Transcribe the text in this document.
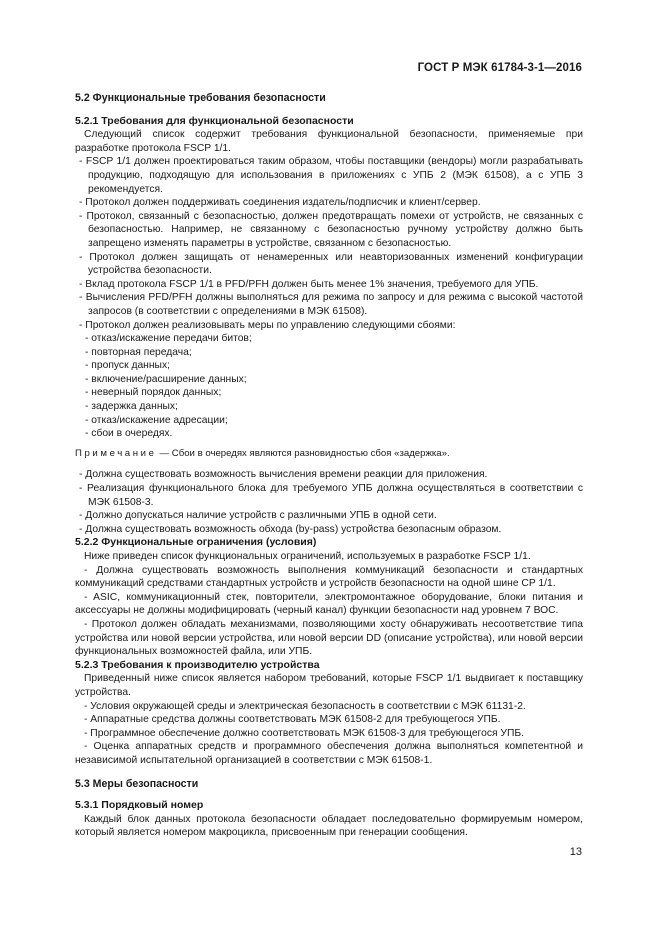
ГОСТ Р МЭК 61784-3-1—2016

5.2 Функциональные требования безопасности

5.2.1 Требования для функциональной безопасности

Следующий список содержит требования функциональной безопасности, применяемые при разработке протокола FSCP 1/1.

- FSCP 1/1 должен проектироваться таким образом, чтобы поставщики (вендоры) могли разрабатывать продукцию, подходящую для использования в приложениях с УПБ 2 (МЭК 61508), а с УПБ 3 рекомендуется.

- Протокол должен поддерживать соединения издатель/подписчик и клиент/сервер.

- Протокол, связанный с безопасностью, должен предотвращать помехи от устройств, не связанных с безопасностью. Например, не связанному с безопасностью ручному устройству должно быть запрещено изменять параметры в устройстве, связанном с безопасностью.

- Протокол должен защищать от ненамеренных или неавторизованных изменений конфигурации устройства безопасности.

- Вклад протокола FSCP 1/1 в PFD/PFH должен быть менее 1% значения, требуемого для УПБ.

- Вычисления PFD/PFH должны выполняться для режима по запросу и для режима с высокой частотой запросов (в соответствии с определениями в МЭК 61508).

- Протокол должен реализовывать меры по управлению следующими сбоями:

- отказ/искажение передачи битов;

- повторная передача;

- пропуск данных;

- включение/расширение данных;

- неверный порядок данных;

- задержка данных;

- отказ/искажение адресации;

- сбои в очередях.

Примечание — Сбои в очередях являются разновидностью сбоя «задержка».

- Должна существовать возможность вычисления времени реакции для приложения.

- Реализация функционального блока для требуемого УПБ должна осуществляться в соответствии с МЭК 61508-3.

- Должно допускаться наличие устройств с различными УПБ в одной сети.

- Должна существовать возможность обхода (by-pass) устройства безопасным образом.

5.2.2 Функциональные ограничения (условия)

Ниже приведен список функциональных ограничений, используемых в разработке FSCP 1/1.

- Должна существовать возможность выполнения коммуникаций безопасности и стандартных коммуникаций средствами стандартных устройств и устройств безопасности на одной шине CP 1/1.

- ASIC, коммуникационный стек, повторители, электромонтажное оборудование, блоки питания и аксессуары не должны модифицировать (черный канал) функции безопасности над уровнем 7 ВОС.

- Протокол должен обладать механизмами, позволяющими хосту обнаруживать несоответствие типа устройства или новой версии устройства, или новой версии DD (описание устройства), или новой версии функциональных возможностей файла, или УПБ.

5.2.3 Требования к производителю устройства

Приведенный ниже список является набором требований, которые FSCP 1/1 выдвигает к поставщику устройства.

- Условия окружающей среды и электрическая безопасность в соответствии с МЭК 61131-2.

- Аппаратные средства должны соответствовать МЭК 61508-2 для требующегося УПБ.

- Программное обеспечение должно соответствовать МЭК 61508-3 для требующегося УПБ.

- Оценка аппаратных средств и программного обеспечения должна выполняться компетентной и независимой испытательной организацией в соответствии с МЭК 61508-1.

5.3 Меры безопасности

5.3.1 Порядковый номер

Каждый блок данных протокола безопасности обладает последовательно формируемым номером, который является номером макроцикла, присвоенным при генерации сообщения.

13
